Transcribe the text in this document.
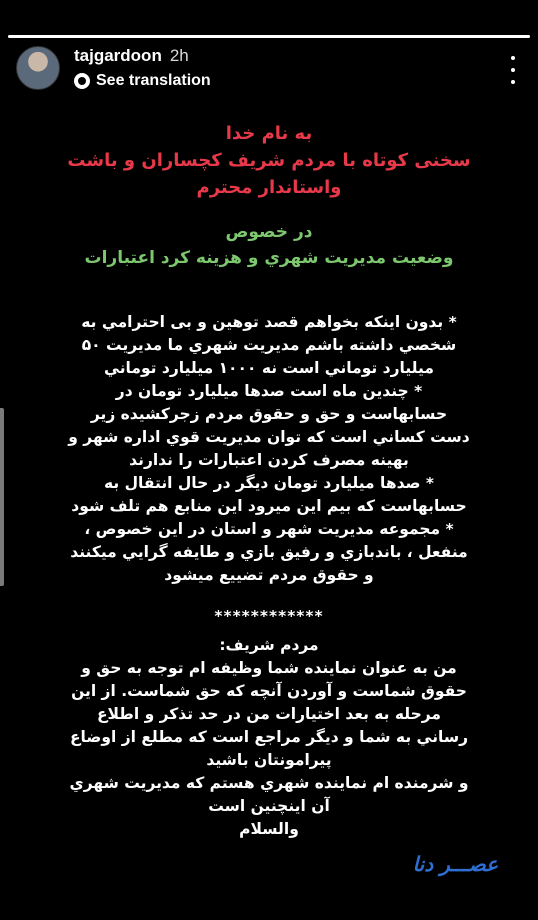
tajgardoon 2h
See translation
به نام خدا
سخنی کوتاه با مردم شریف کچساران و باشت
واستاندار محترم
در خصوص
وضعیت مدیریت شهري و هزینه کرد اعتبارات
* بدون اینکه بخواهم قصد توهین و بی احترامي به
شخصي داشته باشم مدیریت شهري ما مدیریت ۵۰
میلیارد توماني است نه ۱۰۰۰ میلیارد توماني
* چندین ماه است صدها میلیارد تومان در
حسابهاست و حق و حقوق مردم زجرکشیده زیر
دست کساني است که توان مدیریت قوي اداره شهر و
بهینه مصرف کردن اعتبارات را ندارند
* صدها میلیارد تومان دیگر در حال انتقال به
حسابهاست که بیم این میرود این منابع هم تلف شود
* مجموعه مدیریت شهر و استان در این خصوص ،
منفعل ، باندبازي و رفیق بازي و طایفه گرایي میکنند
و حقوق مردم تضییع میشود
************
مردم شریف:
من به عنوان نماینده شما وظیفه ام توجه به حق و
حقوق شماست و آوردن آنچه که حق شماست. از این
مرحله به بعد اختیارات من در حد تذکر و اطلاع
رساني به شما و دیگر مراجع است که مطلع از اوضاع
پیرامونتان باشید
و شرمنده ام نماینده شهري هستم که مدیریت شهري
آن اینچنین است
والسلام
عصـــر دنا
